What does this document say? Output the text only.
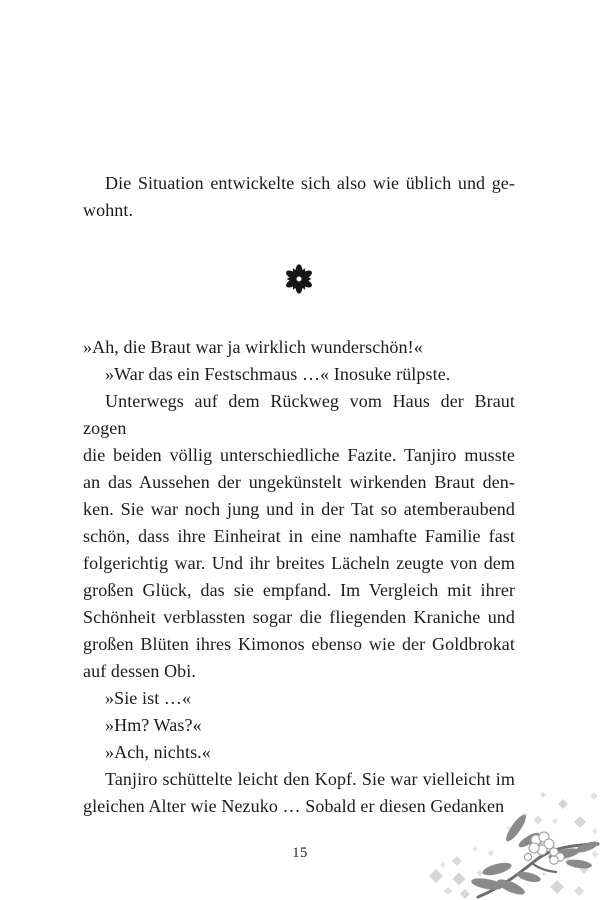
Die Situation entwickelte sich also wie üblich und ge-
wohnt.
»Ah, die Braut war ja wirklich wunderschön!«
»War das ein Festschmaus …« Inosuke rülpste.
Unterwegs auf dem Rückweg vom Haus der Braut zogen
die beiden völlig unterschiedliche Fazite. Tanjiro musste
an das Aussehen der ungekünstelt wirkenden Braut den-
ken. Sie war noch jung und in der Tat so atemberaubend
schön, dass ihre Einheirat in eine namhafte Familie fast
folgerichtig war. Und ihr breites Lächeln zeugte von dem
großen Glück, das sie empfand. Im Vergleich mit ihrer
Schönheit verblassten sogar die fliegenden Kraniche und
großen Blüten ihres Kimonos ebenso wie der Goldbrokat
auf dessen Obi.
»Sie ist …«
»Hm? Was?«
»Ach, nichts.«
Tanjiro schüttelte leicht den Kopf. Sie war vielleicht im
gleichen Alter wie Nezuko … Sobald er diesen Gedanken
15
